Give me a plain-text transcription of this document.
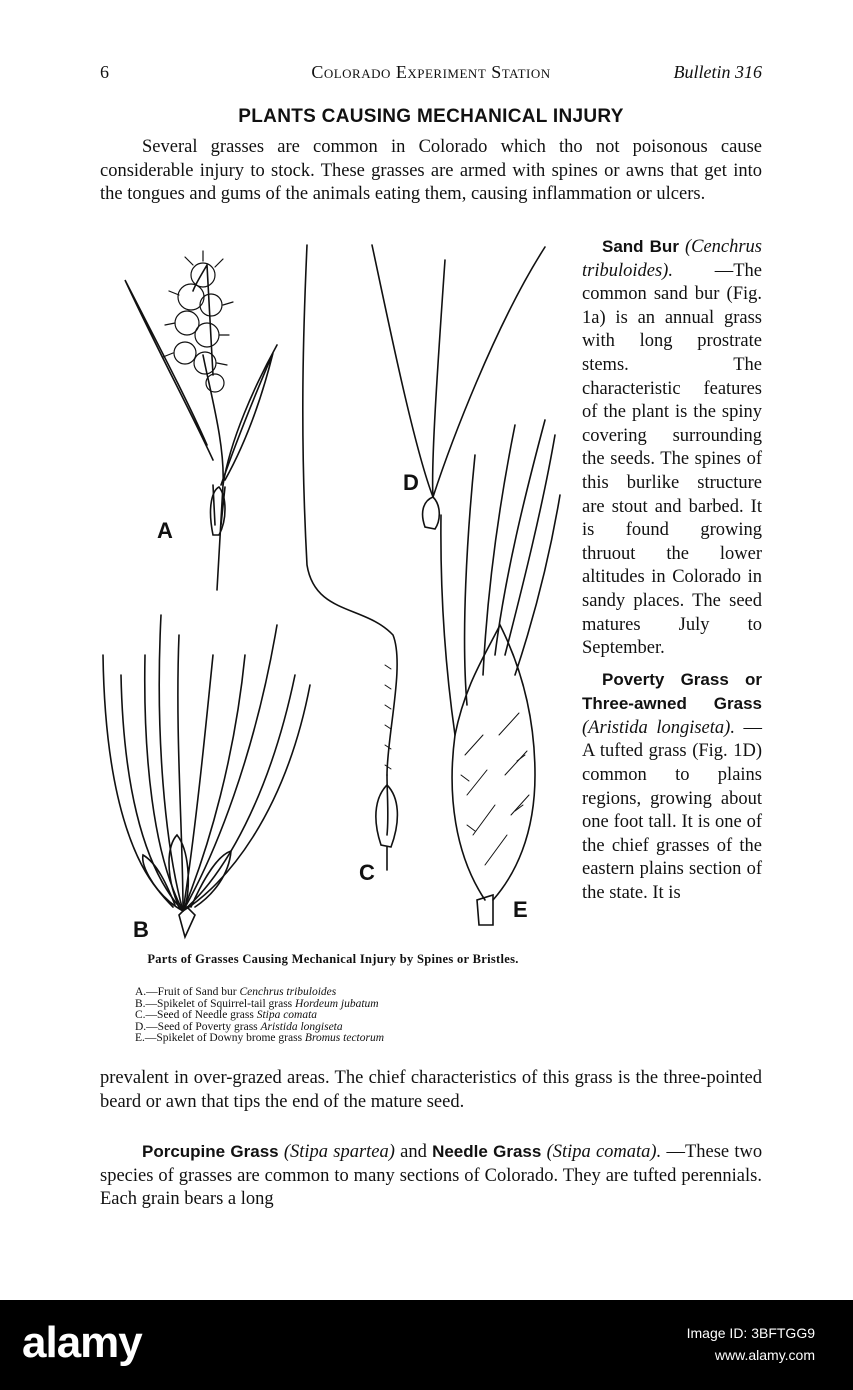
6	Colorado Experiment Station	Bulletin 316
PLANTS CAUSING MECHANICAL INJURY

Several grasses are common in Colorado which tho not poisonous cause considerable injury to stock. These grasses are armed with spines or awns that get into the tongues and gums of the animals eating them, causing inflammation or ulcers.

A
B
C
D
E
Parts of Grasses Causing Mechanical Injury by Spines or Bristles.
A.—Fruit of Sand bur Cenchrus tribuloides
B.—Spikelet of Squirrel-tail grass Hordeum jubatum
C.—Seed of Needle grass Stipa comata
D.—Seed of Poverty grass Aristida longiseta
E.—Spikelet of Downy brome grass Bromus tectorum

Sand Bur (Cenchrus tribuloides). —The common sand bur (Fig. 1a) is an annual grass with long prostrate stems. The characteristic features of the plant is the spiny covering surrounding the seeds. The spines of this burlike structure are stout and barbed. It is found growing thruout the lower altitudes in Colorado in sandy places. The seed matures July to September.

Poverty Grass or Three-awned Grass (Aristida longiseta). — A tufted grass (Fig. 1D) common to plains regions, growing about one foot tall. It is one of the chief grasses of the eastern plains section of the state. It is

prevalent in over-grazed areas. The chief characteristics of this grass is the three-pointed beard or awn that tips the end of the mature seed.

Porcupine Grass (Stipa spartea) and Needle Grass (Stipa comata). —These two species of grasses are common to many sections of Colorado. They are tufted perennials. Each grain bears a long

alamy	Image ID: 3BFTGG9
www.alamy.com
